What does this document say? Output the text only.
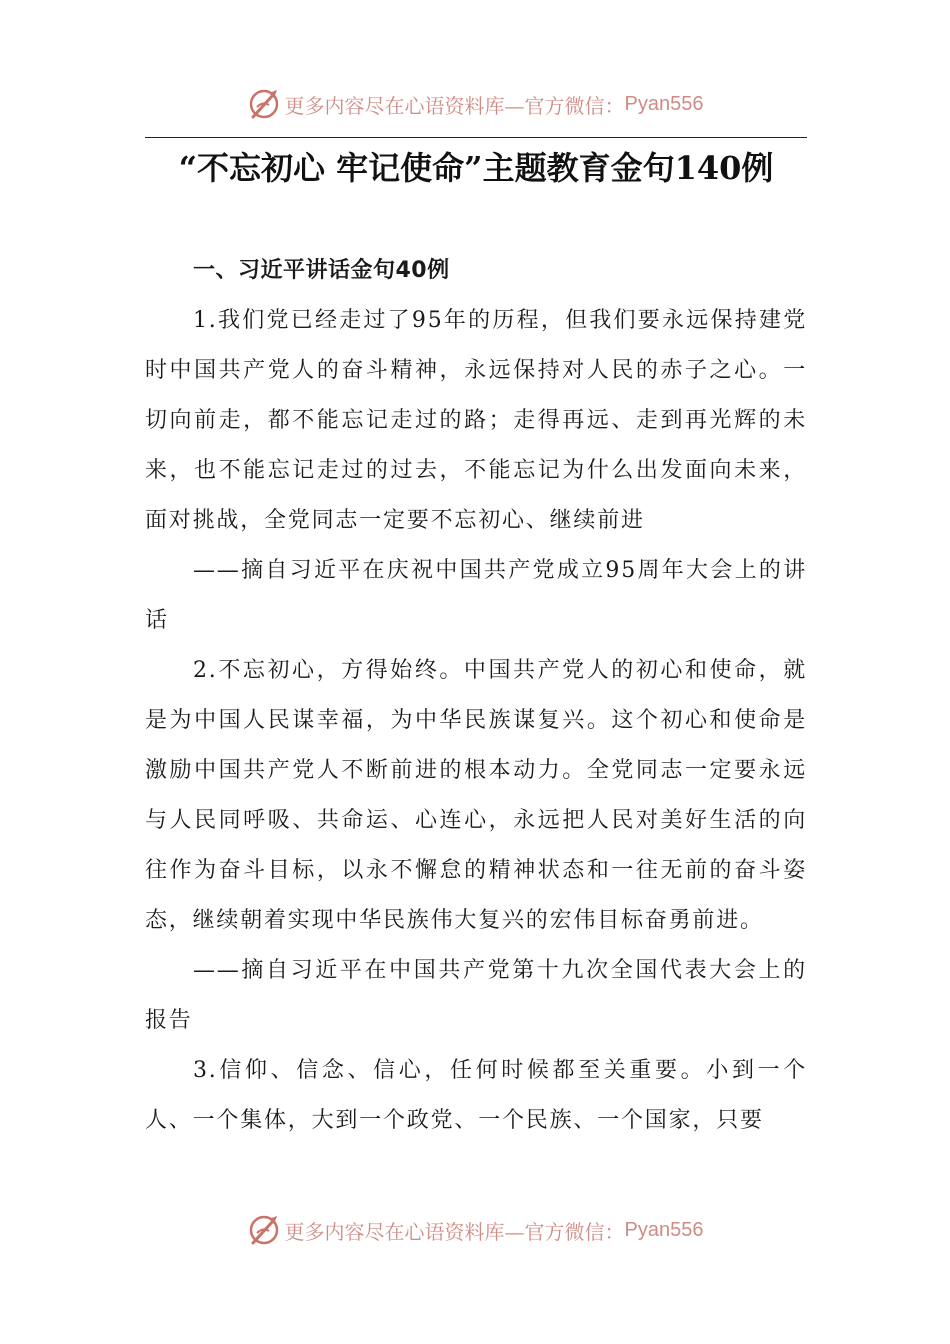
更多内容尽在心语资料库—官方微信： Pyan556
“不忘初心 牢记使命”主题教育金句140例

一、习近平讲话金句40例

1.我们党已经走过了95年的历程，但我们要永远保持建党时中国共产党人的奋斗精神，永远保持对人民的赤子之心。一切向前走，都不能忘记走过的路；走得再远、走到再光辉的未来，也不能忘记走过的过去，不能忘记为什么出发面向未来，面对挑战，全党同志一定要不忘初心、继续前进

——摘自习近平在庆祝中国共产党成立95周年大会上的讲话

2.不忘初心，方得始终。中国共产党人的初心和使命，就是为中国人民谋幸福，为中华民族谋复兴。这个初心和使命是激励中国共产党人不断前进的根本动力。全党同志一定要永远与人民同呼吸、共命运、心连心，永远把人民对美好生活的向往作为奋斗目标，以永不懈怠的精神状态和一往无前的奋斗姿态，继续朝着实现中华民族伟大复兴的宏伟目标奋勇前进。

——摘自习近平在中国共产党第十九次全国代表大会上的报告

3.信仰、信念、信心，任何时候都至关重要。小到一个人、一个集体，大到一个政党、一个民族、一个国家，只要

更多内容尽在心语资料库—官方微信： Pyan556
